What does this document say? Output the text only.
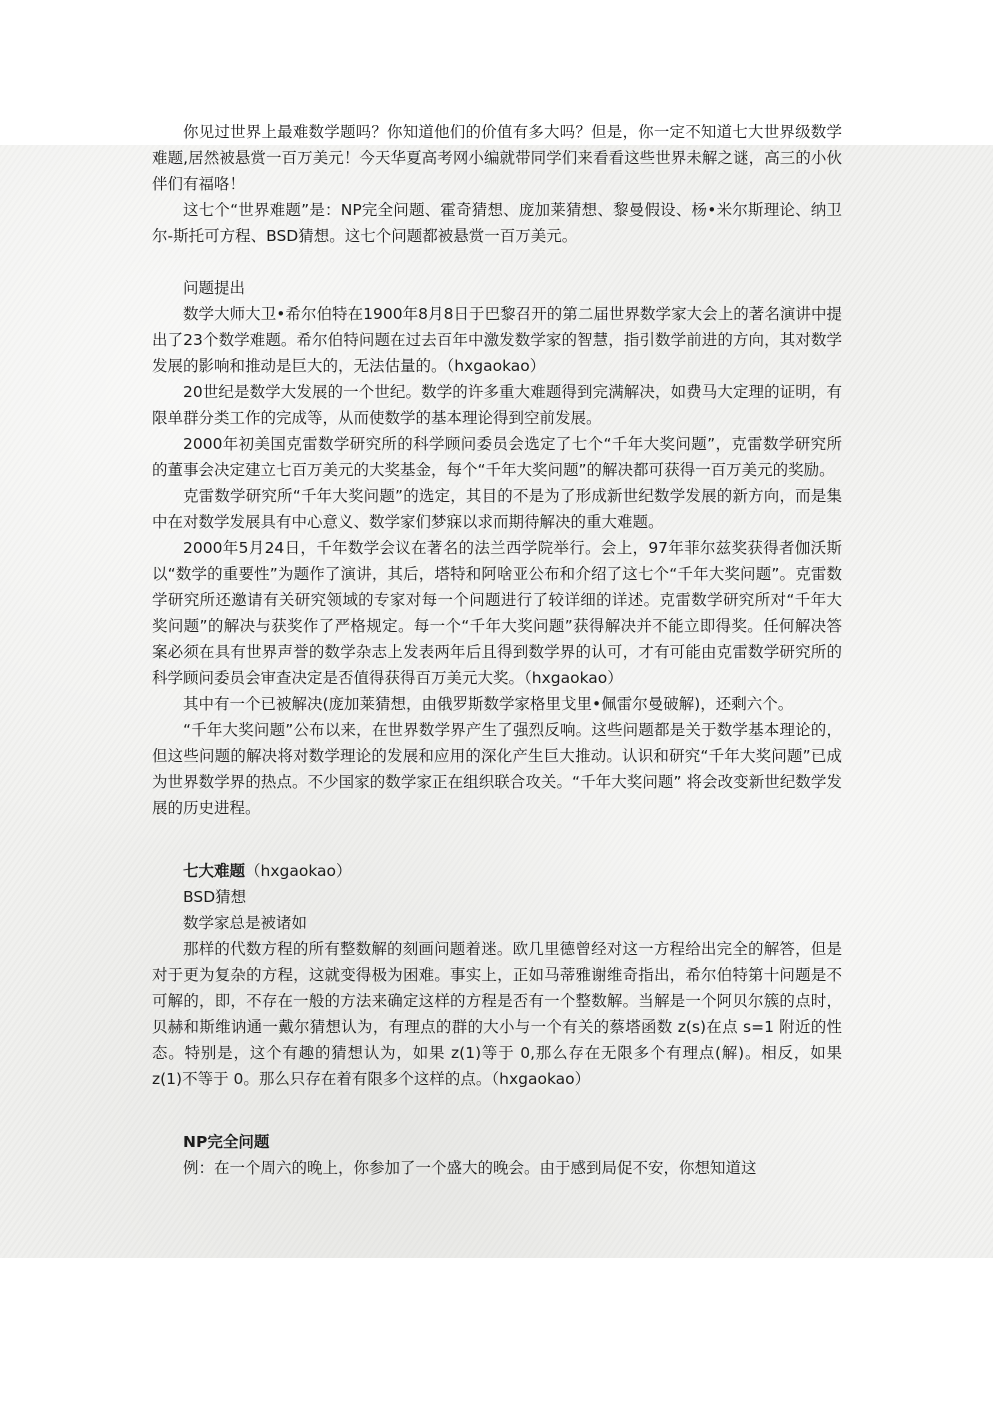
你见过世界上最难数学题吗？你知道他们的价值有多大吗？但是，你一定不知道七大世界级数学难题,居然被悬赏一百万美元！今天华夏高考网小编就带同学们来看看这些世界未解之谜，高三的小伙伴们有福咯！

这七个“世界难题”是：NP完全问题、霍奇猜想、庞加莱猜想、黎曼假设、杨•米尔斯理论、纳卫尔-斯托可方程、BSD猜想。这七个问题都被悬赏一百万美元。

问题提出

数学大师大卫•希尔伯特在1900年8月8日于巴黎召开的第二届世界数学家大会上的著名演讲中提出了23个数学难题。希尔伯特问题在过去百年中激发数学家的智慧，指引数学前进的方向，其对数学发展的影响和推动是巨大的，无法估量的。（hxgaokao）

20世纪是数学大发展的一个世纪。数学的许多重大难题得到完满解决，如费马大定理的证明，有限单群分类工作的完成等，从而使数学的基本理论得到空前发展。

2000年初美国克雷数学研究所的科学顾问委员会选定了七个“千年大奖问题”，克雷数学研究所的董事会决定建立七百万美元的大奖基金，每个“千年大奖问题”的解决都可获得一百万美元的奖励。

克雷数学研究所“千年大奖问题”的选定，其目的不是为了形成新世纪数学发展的新方向，而是集中在对数学发展具有中心意义、数学家们梦寐以求而期待解决的重大难题。

2000年5月24日，千年数学会议在著名的法兰西学院举行。会上，97年菲尔兹奖获得者伽沃斯以“数学的重要性”为题作了演讲，其后，塔特和阿啥亚公布和介绍了这七个“千年大奖问题”。克雷数学研究所还邀请有关研究领域的专家对每一个问题进行了较详细的详述。克雷数学研究所对“千年大奖问题”的解决与获奖作了严格规定。每一个“千年大奖问题”获得解决并不能立即得奖。任何解决答案必须在具有世界声誉的数学杂志上发表两年后且得到数学界的认可，才有可能由克雷数学研究所的科学顾问委员会审查决定是否值得获得百万美元大奖。（hxgaokao）

其中有一个已被解决(庞加莱猜想，由俄罗斯数学家格里戈里•佩雷尔曼破解)，还剩六个。

“千年大奖问题”公布以来，在世界数学界产生了强烈反响。这些问题都是关于数学基本理论的，但这些问题的解决将对数学理论的发展和应用的深化产生巨大推动。认识和研究“千年大奖问题”已成为世界数学界的热点。不少国家的数学家正在组织联合攻关。“千年大奖问题” 将会改变新世纪数学发展的历史进程。

七大难题（hxgaokao）

BSD猜想

数学家总是被诸如

那样的代数方程的所有整数解的刻画问题着迷。欧几里德曾经对这一方程给出完全的解答，但是对于更为复杂的方程，这就变得极为困难。事实上，正如马蒂雅谢维奇指出，希尔伯特第十问题是不可解的，即，不存在一般的方法来确定这样的方程是否有一个整数解。当解是一个阿贝尔簇的点时，贝赫和斯维讷通一戴尔猜想认为，有理点的群的大小与一个有关的蔡塔函数 z(s)在点 s=1 附近的性态。特别是，这个有趣的猜想认为，如果 z(1)等于 0,那么存在无限多个有理点(解)。相反，如果 z(1)不等于 0。那么只存在着有限多个这样的点。（hxgaokao）

NP完全问题

例：在一个周六的晚上，你参加了一个盛大的晚会。由于感到局促不安，你想知道这
